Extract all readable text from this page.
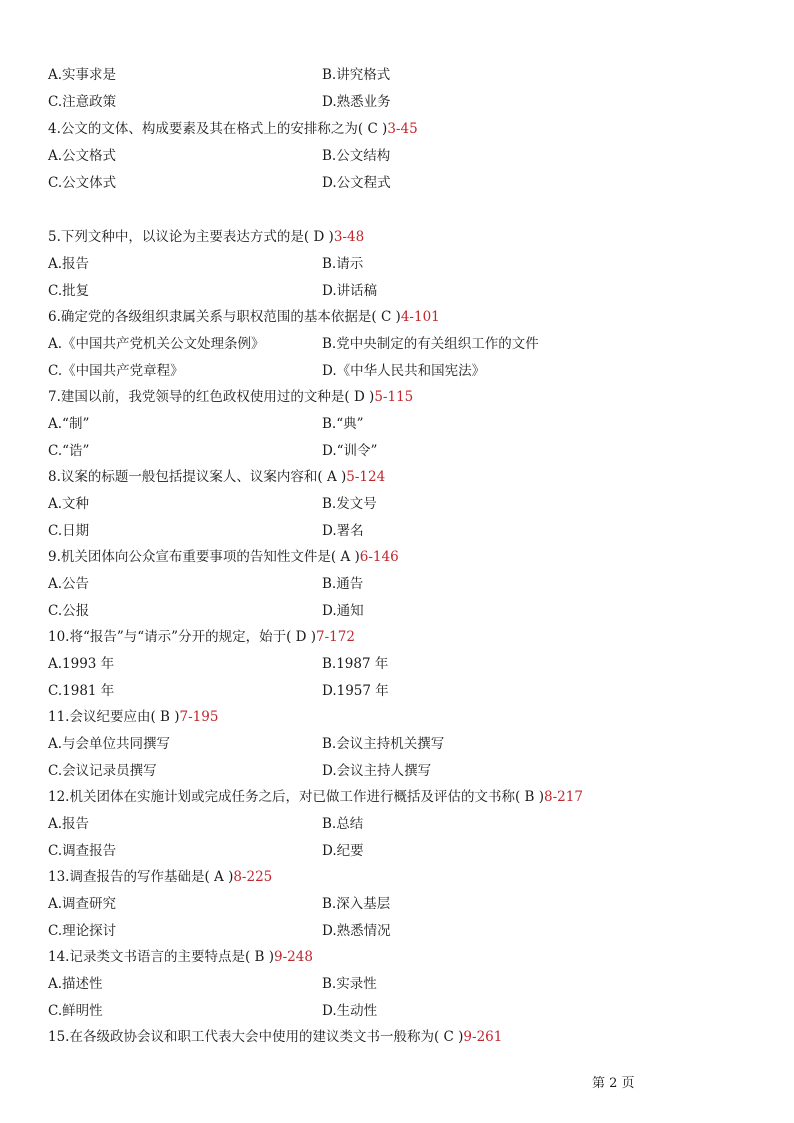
A.实事求是	B.讲究格式
C.注意政策	D.熟悉业务
4.公文的文体、构成要素及其在格式上的安排称之为( C )3-45
A.公文格式	B.公文结构
C.公文体式	D.公文程式
5.下列文种中，以议论为主要表达方式的是( D )3-48
A.报告	B.请示
C.批复	D.讲话稿
6.确定党的各级组织隶属关系与职权范围的基本依据是( C )4-101
A.《中国共产党机关公文处理条例》	B.党中央制定的有关组织工作的文件
C.《中国共产党章程》	D.《中华人民共和国宪法》
7.建国以前，我党领导的红色政权使用过的文种是( D )5-115
A.“制”	B.“典”
C.“诰”	D.“训令”
8.议案的标题一般包括提议案人、议案内容和( A )5-124
A.文种	B.发文号
C.日期	D.署名
9.机关团体向公众宣布重要事项的告知性文件是( A )6-146
A.公告	B.通告
C.公报	D.通知
10.将“报告”与“请示”分开的规定，始于( D )7-172
A.1993 年	B.1987 年
C.1981 年	D.1957 年
11.会议纪要应由( B )7-195
A.与会单位共同撰写	B.会议主持机关撰写
C.会议记录员撰写	D.会议主持人撰写
12.机关团体在实施计划或完成任务之后，对已做工作进行概括及评估的文书称( B )8-217
A.报告	B.总结
C.调查报告	D.纪要
13.调查报告的写作基础是( A )8-225
A.调查研究	B.深入基层
C.理论探讨	D.熟悉情况
14.记录类文书语言的主要特点是( B )9-248
A.描述性	B.实录性
C.鲜明性	D.生动性
15.在各级政协会议和职工代表大会中使用的建议类文书一般称为( C )9-261
第 2 页
